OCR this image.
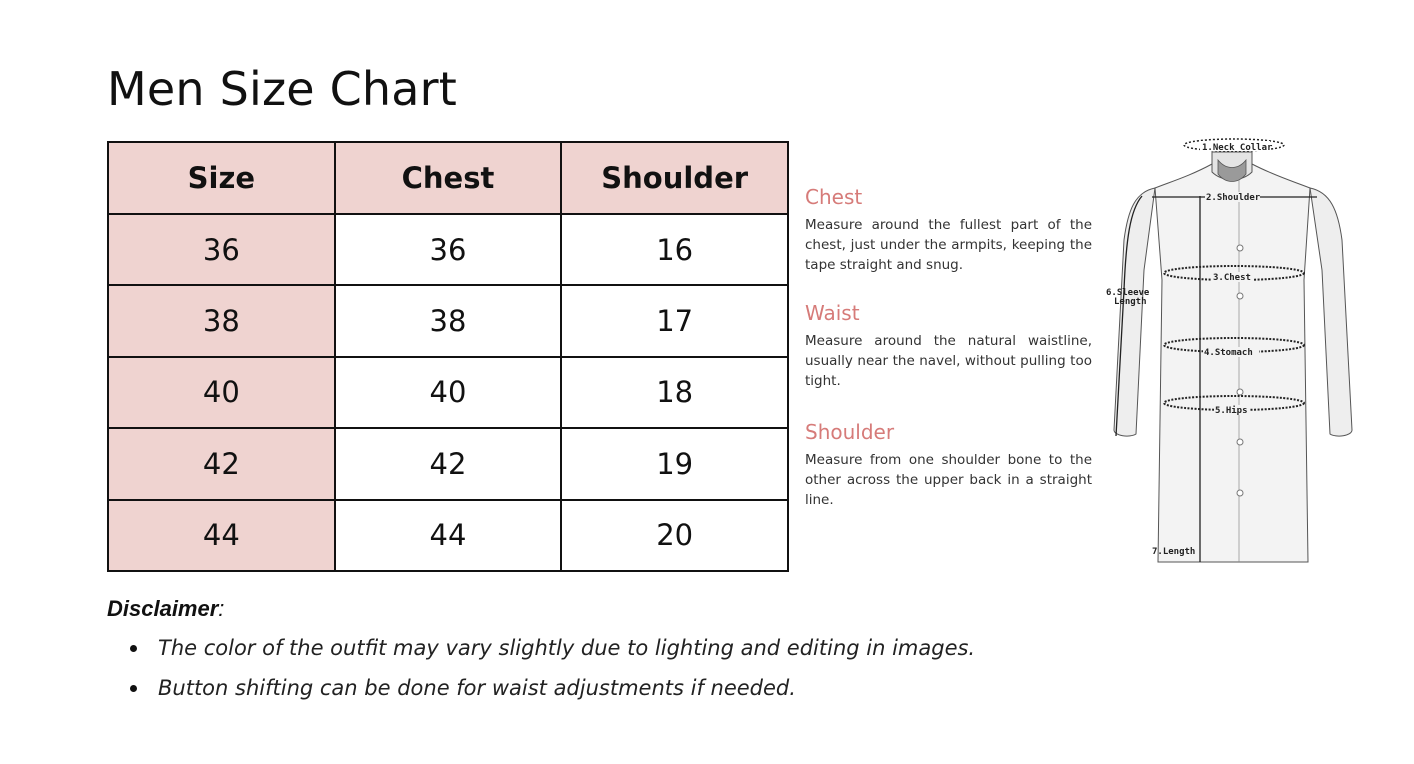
Men Size Chart
Size	Chest	Shoulder
36	36	16
38	38	17
40	40	18
42	42	19
44	44	20
Chest

Measure around the fullest part of the chest, just under the armpits, keeping the tape straight and snug.

Waist

Measure around the natural waistline, usually near the navel, without pulling too tight.

Shoulder

Measure from one shoulder bone to the other across the upper back in a straight line.

1.Neck Collar
2.Shoulder
3.Chest
4.Stomach
5.Hips
6.Sleeve
Length
7.Length
Disclaimer:
The color of the outfit may vary slightly due to lighting and editing in images.
Button shifting can be done for waist adjustments if needed.
